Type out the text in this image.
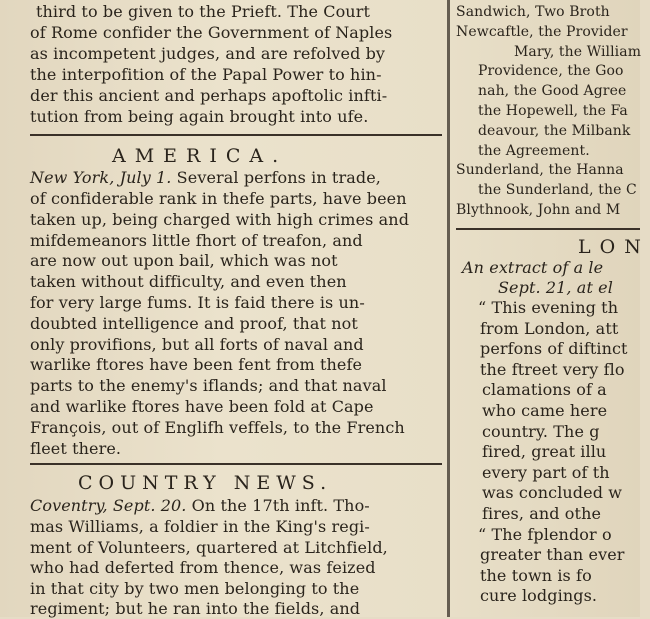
third to be given to the Prieft. The Court
of Rome confider the Government of Naples
as incompetent judges, and are refolved by
the interpofition of the Papal Power to hin-
der this ancient and perhaps apoftolic infti-
tution from being again brought into ufe.
AMERICA.
New York, July 1. Several perfons in trade,
of confiderable rank in thefe parts, have been
taken up, being charged with high crimes and
mifdemeanors little fhort of treafon, and
are now out upon bail, which was not
taken without difficulty, and even then
for very large fums. It is faid there is un-
doubted intelligence and proof, that not
only provifions, but all forts of naval and
warlike ftores have been fent from thefe
parts to the enemy's iflands; and that naval
and warlike ftores have been fold at Cape
François, out of Englifh veffels, to the French
fleet there.
COUNTRY NEWS.
Coventry, Sept. 20. On the 17th inft. Tho-
mas Williams, a foldier in the King's regi-
ment of Volunteers, quartered at Litchfield,
who had deferted from thence, was feized
in that city by two men belonging to the
regiment; but he ran into the fields, and
Sandwich, Two Broth
Newcaftle, the Provider
Mary, the William
Providence, the Goo
nah, the Good Agree
the Hopewell, the Fa
deavour, the Milbank
the Agreement.
Sunderland, the Hanna
the Sunderland, the C
Blythnook, John and M
LON
An extract of a le
Sept. 21, at el
“ This evening th
from London, att
perfons of diftinct
the ftreet very flo
clamations of a
who came here
country. The g
fired, great illu
every part of th
was concluded w
fires, and othe
“ The fplendor o
greater than ever
the town is fo
cure lodgings.
